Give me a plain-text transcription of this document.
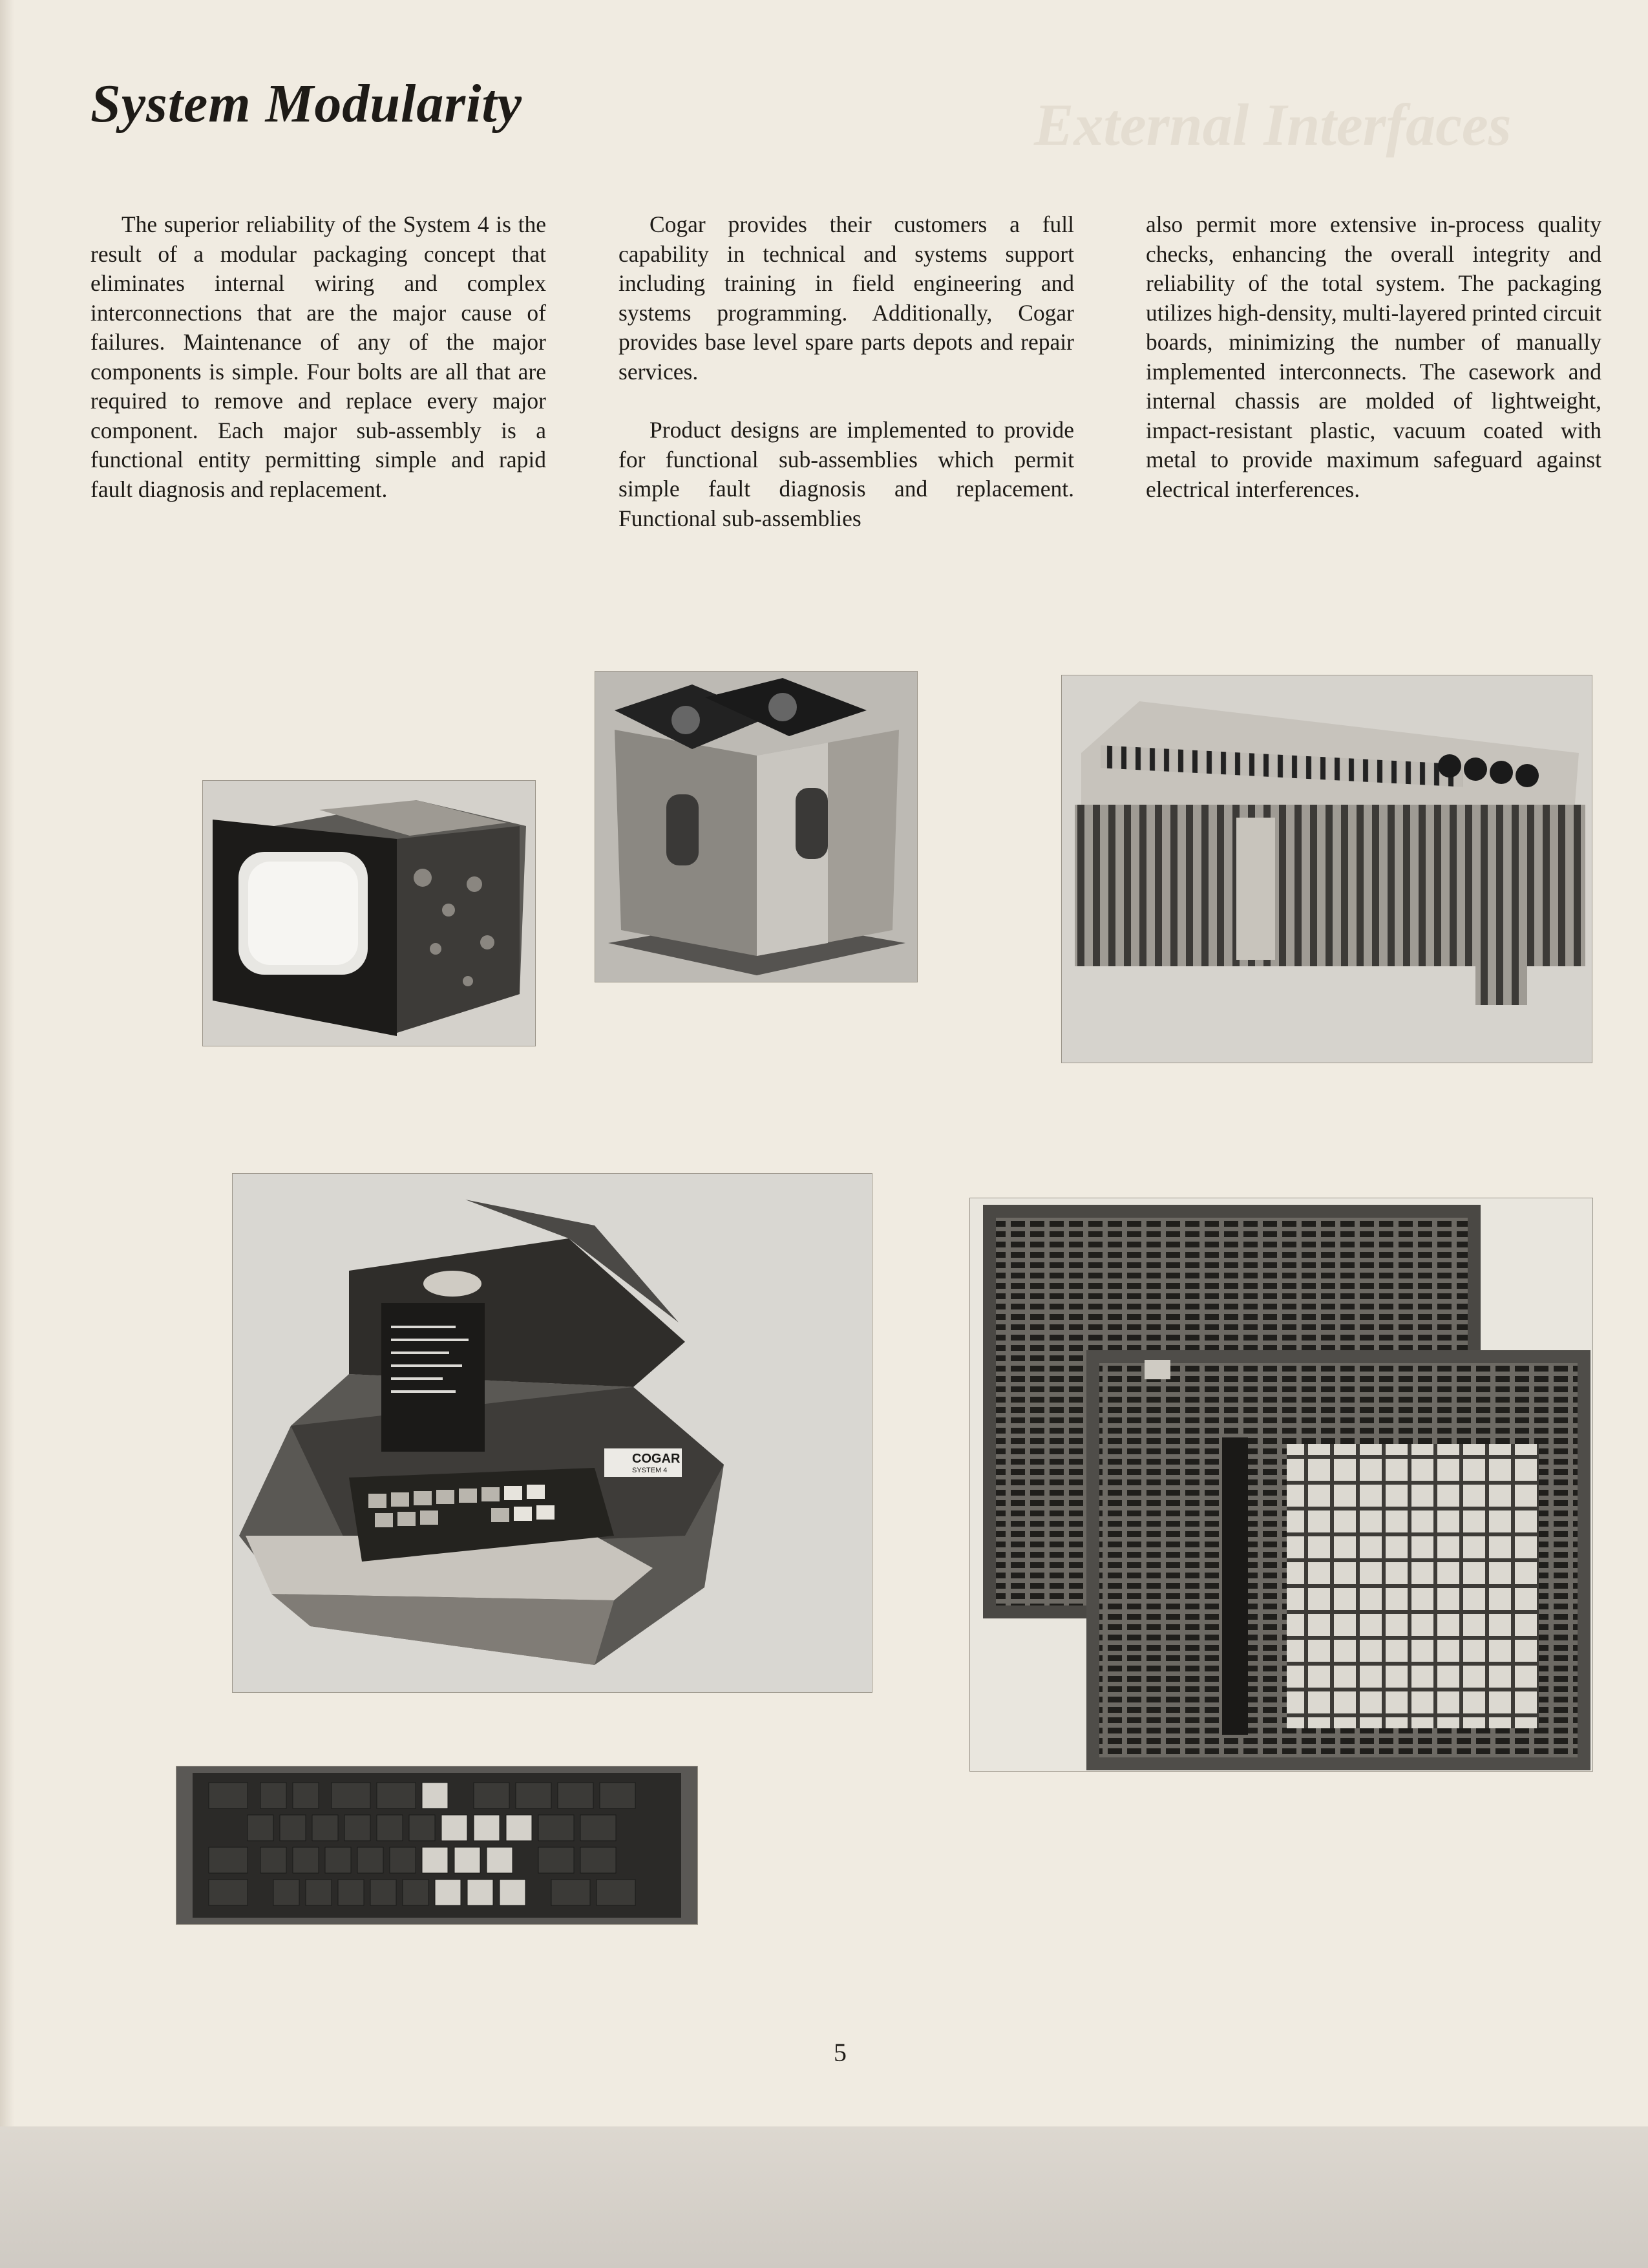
External Interfaces
System Modularity

The superior reliability of the System 4 is the result of a modular packaging concept that eliminates internal wiring and complex interconnections that are the major cause of failures. Maintenance of any of the major components is simple. Four bolts are all that are required to remove and replace every major component. Each major sub-assembly is a functional entity permitting simple and rapid fault diagnosis and replacement.

Cogar provides their customers a full capability in technical and systems support including training in field engineering and systems programming. Additionally, Cogar provides base level spare parts depots and repair services.

Product designs are implemented to provide for functional sub-assemblies which permit simple fault diagnosis and replacement. Functional sub-assemblies

also permit more extensive in-process quality checks, enhancing the overall integrity and reliability of the total system. The packaging utilizes high-density, multi-layered printed circuit boards, minimizing the number of manually implemented interconnects. The casework and internal chassis are molded of lightweight, impact-resistant plastic, vacuum coated with metal to provide maximum safeguard against electrical interferences.

COGAR
SYSTEM 4
5
